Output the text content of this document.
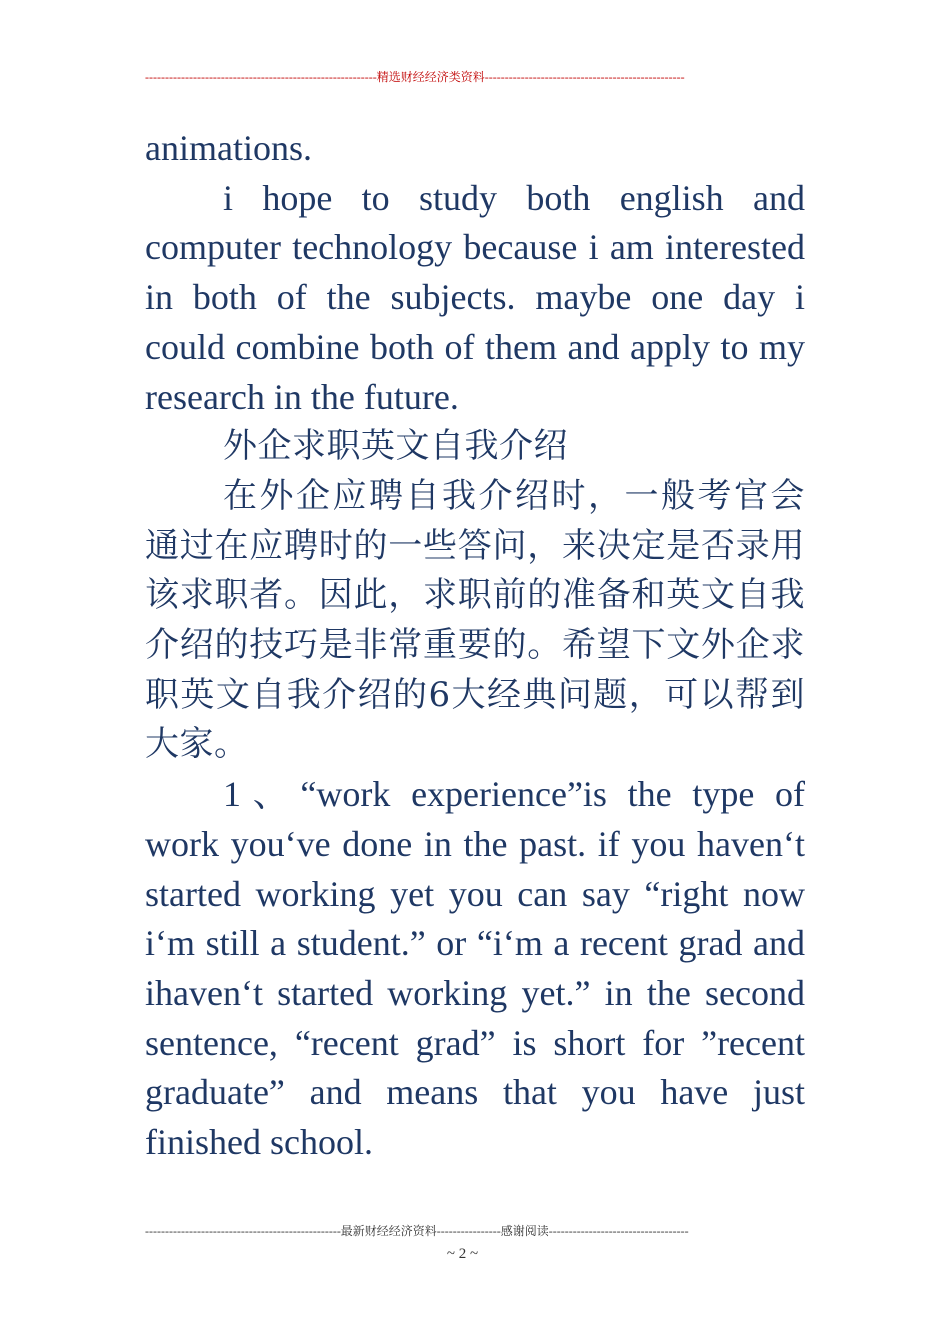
----------------------------------------------------------精选财经经济类资料--------------------------------------------------

animations.

i hope to study both english and computer technology because i am interested in both of the subjects. maybe one day i could combine both of them and apply to my research in the future.

外企求职英文自我介绍

在外企应聘自我介绍时，一般考官会通过在应聘时的一些答问，来决定是否录用该求职者。因此，求职前的准备和英文自我介绍的技巧是非常重要的。希望下文外企求职英文自我介绍的6大经典问题，可以帮到大家。

1、“work experience”is the type of work you‘ve done in the past. if you haven‘t started working yet you can say “right now i‘m still a student.” or “i‘m a recent grad and ihaven‘t started working yet.” in the second sentence, “recent grad” is short for ”recent graduate” and means that you have just finished school.

-------------------------------------------------最新财经经济资料----------------感谢阅读-----------------------------------
~ 2 ~
